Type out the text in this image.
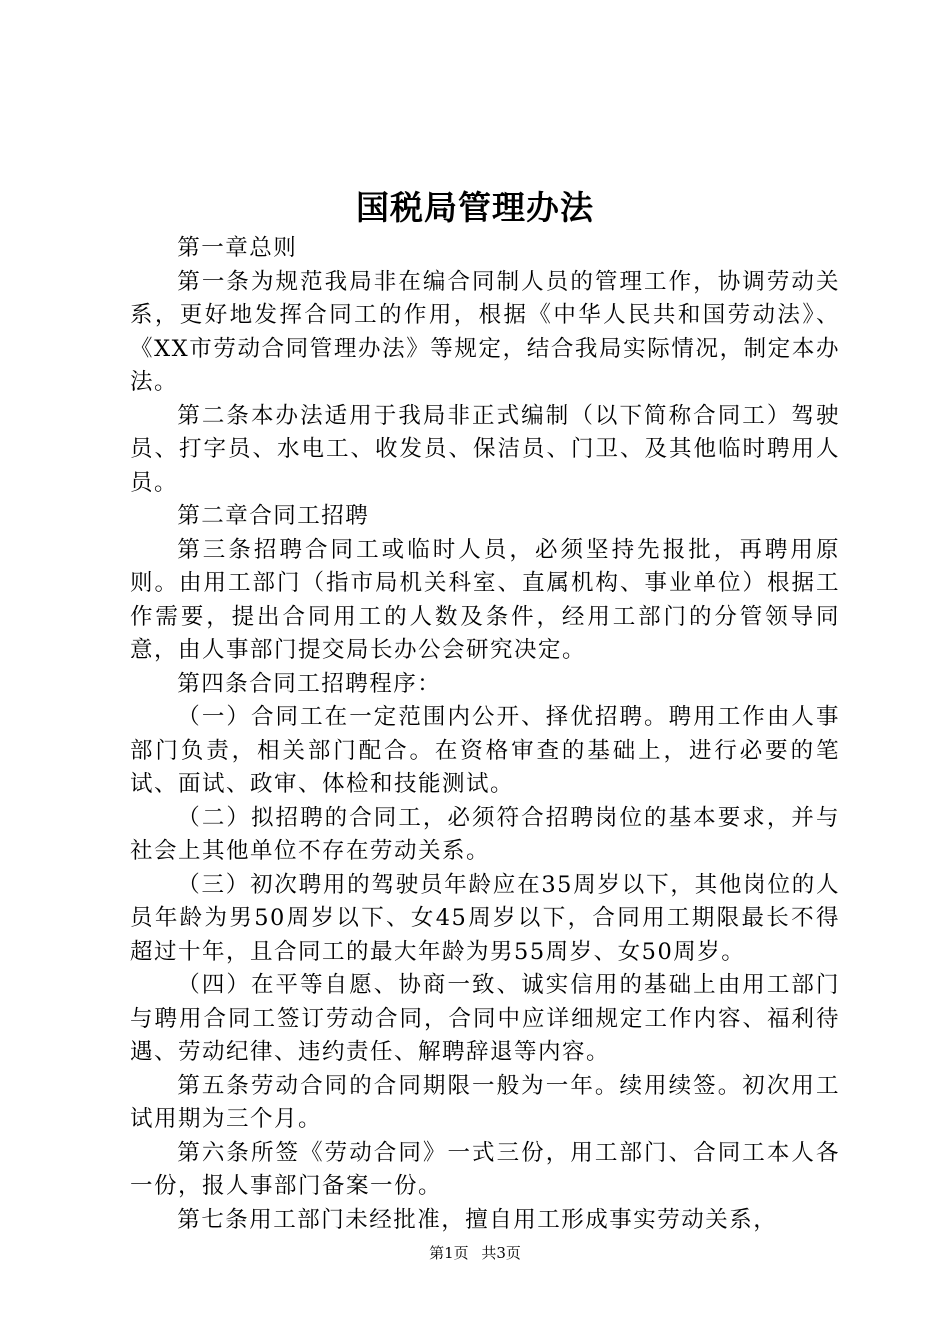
国税局管理办法

第一章总则

第一条为规范我局非在编合同制人员的管理工作，协调劳动关系，更好地发挥合同工的作用，根据《中华人民共和国劳动法》、《XX市劳动合同管理办法》等规定，结合我局实际情况，制定本办法。

第二条本办法适用于我局非正式编制（以下简称合同工）驾驶员、打字员、水电工、收发员、保洁员、门卫、及其他临时聘用人员。

第二章合同工招聘

第三条招聘合同工或临时人员，必须坚持先报批，再聘用原则。由用工部门（指市局机关科室、直属机构、事业单位）根据工作需要，提出合同用工的人数及条件，经用工部门的分管领导同意，由人事部门提交局长办公会研究决定。

第四条合同工招聘程序：

（一）合同工在一定范围内公开、择优招聘。聘用工作由人事部门负责，相关部门配合。在资格审查的基础上，进行必要的笔试、面试、政审、体检和技能测试。

（二）拟招聘的合同工，必须符合招聘岗位的基本要求，并与社会上其他单位不存在劳动关系。

（三）初次聘用的驾驶员年龄应在35周岁以下，其他岗位的人员年龄为男50周岁以下、女45周岁以下，合同用工期限最长不得超过十年，且合同工的最大年龄为男55周岁、女50周岁。

（四）在平等自愿、协商一致、诚实信用的基础上由用工部门与聘用合同工签订劳动合同，合同中应详细规定工作内容、福利待遇、劳动纪律、违约责任、解聘辞退等内容。

第五条劳动合同的合同期限一般为一年。续用续签。初次用工试用期为三个月。

第六条所签《劳动合同》一式三份，用工部门、合同工本人各一份，报人事部门备案一份。

第七条用工部门未经批准，擅自用工形成事实劳动关系，

第1页 共3页
